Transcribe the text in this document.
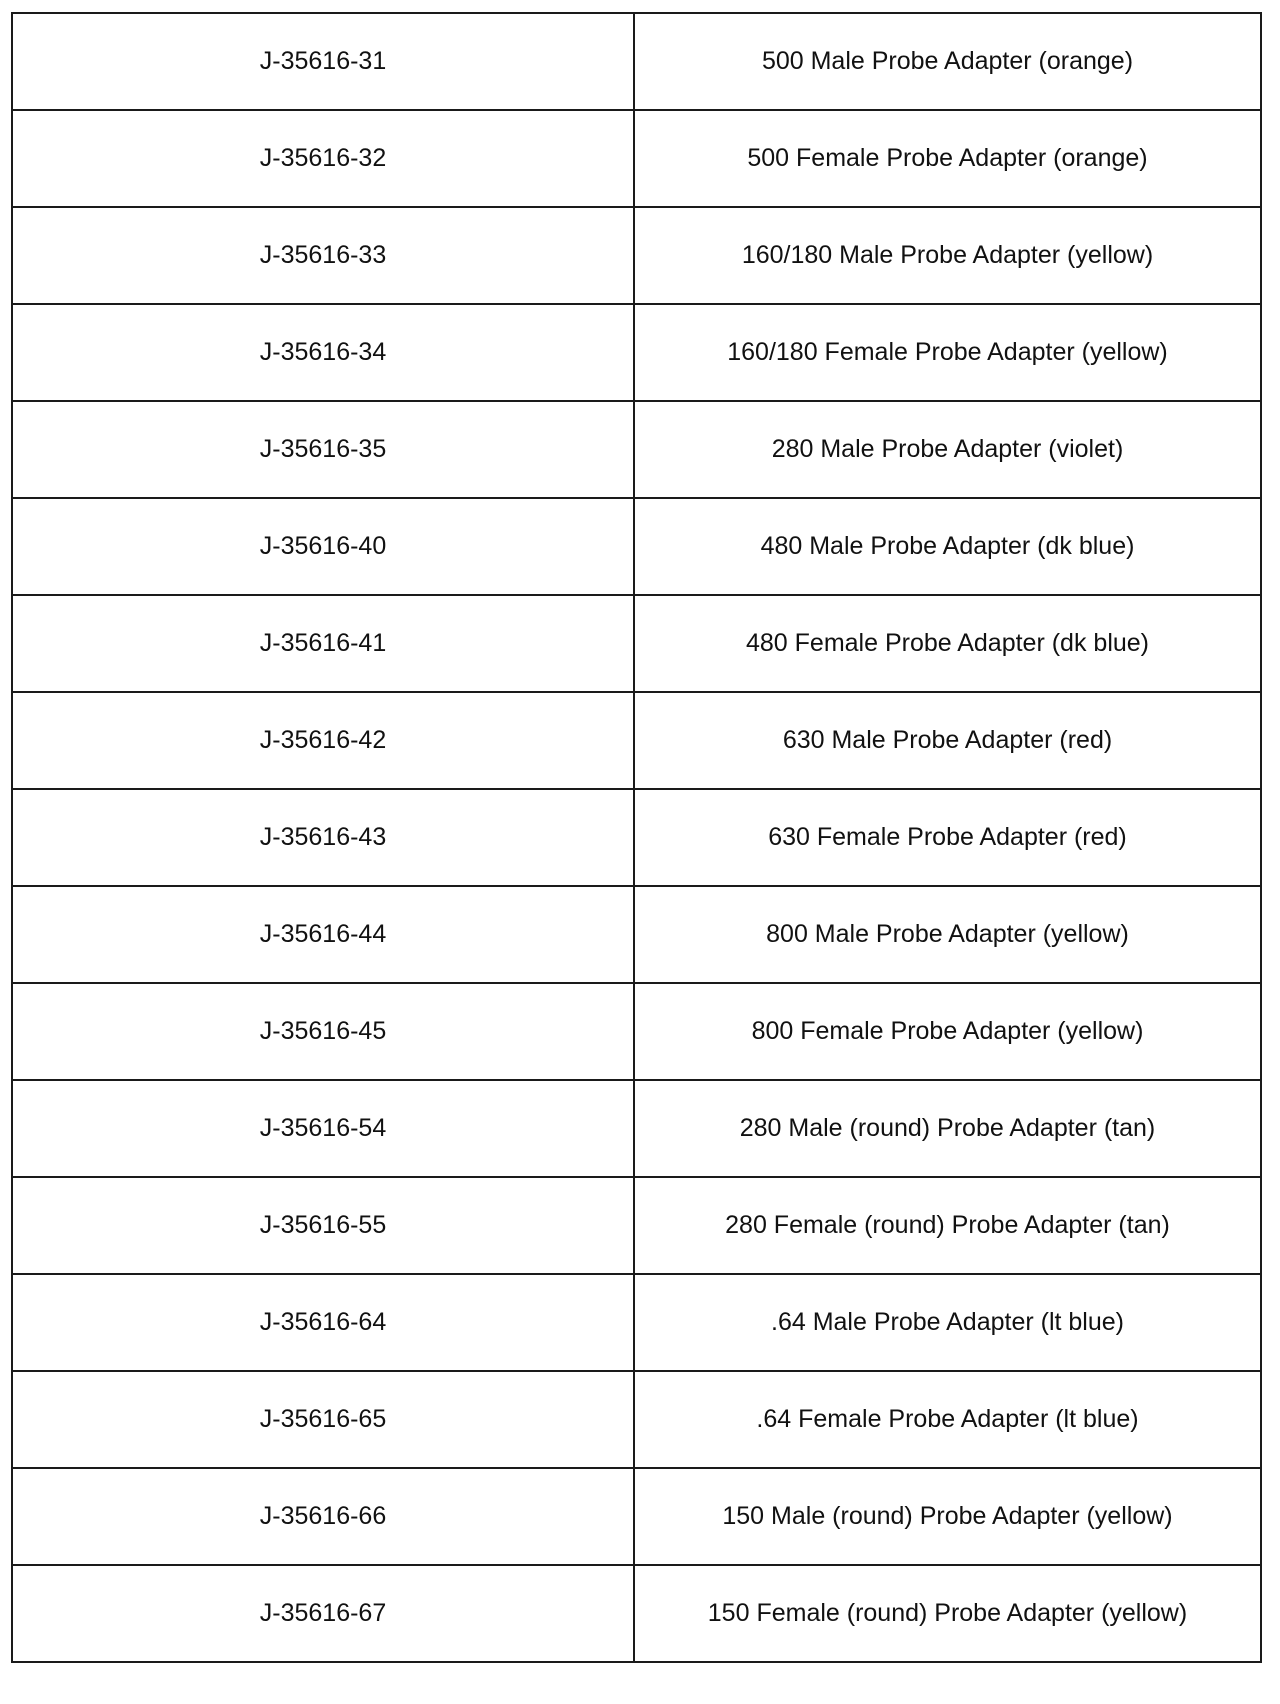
J-35616-31	500 Male Probe Adapter (orange)
J-35616-32	500 Female Probe Adapter (orange)
J-35616-33	160/180 Male Probe Adapter (yellow)
J-35616-34	160/180 Female Probe Adapter (yellow)
J-35616-35	280 Male Probe Adapter (violet)
J-35616-40	480 Male Probe Adapter (dk blue)
J-35616-41	480 Female Probe Adapter (dk blue)
J-35616-42	630 Male Probe Adapter (red)
J-35616-43	630 Female Probe Adapter (red)
J-35616-44	800 Male Probe Adapter (yellow)
J-35616-45	800 Female Probe Adapter (yellow)
J-35616-54	280 Male (round) Probe Adapter (tan)
J-35616-55	280 Female (round) Probe Adapter (tan)
J-35616-64	.64 Male Probe Adapter (lt blue)
J-35616-65	.64 Female Probe Adapter (lt blue)
J-35616-66	150 Male (round) Probe Adapter (yellow)
J-35616-67	150 Female (round) Probe Adapter (yellow)
